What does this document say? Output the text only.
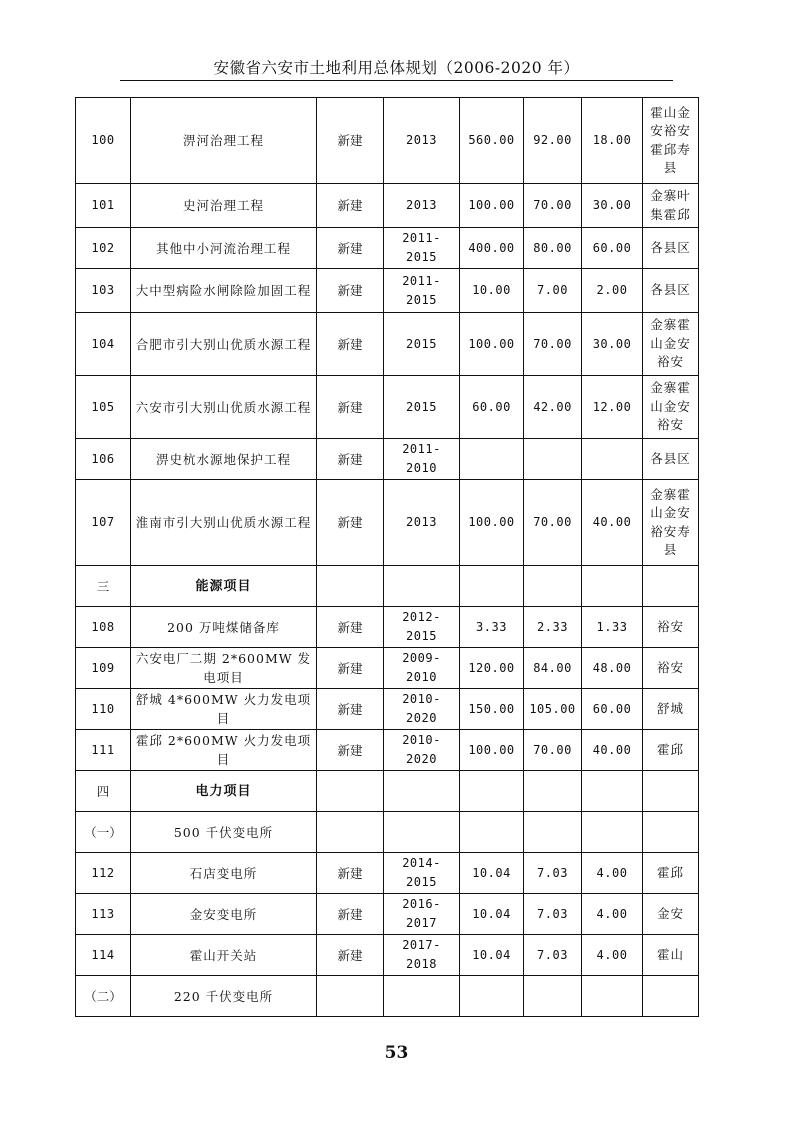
安徽省六安市土地利用总体规划（2006-2020 年）
100	淠河治理工程	新建	2013	560.00	92.00	18.00	霍山金安裕安霍邱寿县
101	史河治理工程	新建	2013	100.00	70.00	30.00	金寨叶集霍邱
102	其他中小河流治理工程	新建	2011-2015	400.00	80.00	60.00	各县区
103	大中型病险水闸除险加固工程	新建	2011-2015	10.00	7.00	2.00	各县区
104	合肥市引大别山优质水源工程	新建	2015	100.00	70.00	30.00	金寨霍山金安裕安
105	六安市引大别山优质水源工程	新建	2015	60.00	42.00	12.00	金寨霍山金安裕安
106	淠史杭水源地保护工程	新建	2011-2010				各县区
107	淮南市引大别山优质水源工程	新建	2013	100.00	70.00	40.00	金寨霍山金安裕安寿县
三	能源项目						
108	200 万吨煤储备库	新建	2012-2015	3.33	2.33	1.33	裕安
109	六安电厂二期 2*600MW 发电项目	新建	2009-2010	120.00	84.00	48.00	裕安
110	舒城 4*600MW 火力发电项目	新建	2010-2020	150.00	105.00	60.00	舒城
111	霍邱 2*600MW 火力发电项目	新建	2010-2020	100.00	70.00	40.00	霍邱
四	电力项目						
（一）	500 千伏变电所						
112	石店变电所	新建	2014-2015	10.04	7.03	4.00	霍邱
113	金安变电所	新建	2016-2017	10.04	7.03	4.00	金安
114	霍山开关站	新建	2017-2018	10.04	7.03	4.00	霍山
（二）	220 千伏变电所						
53
